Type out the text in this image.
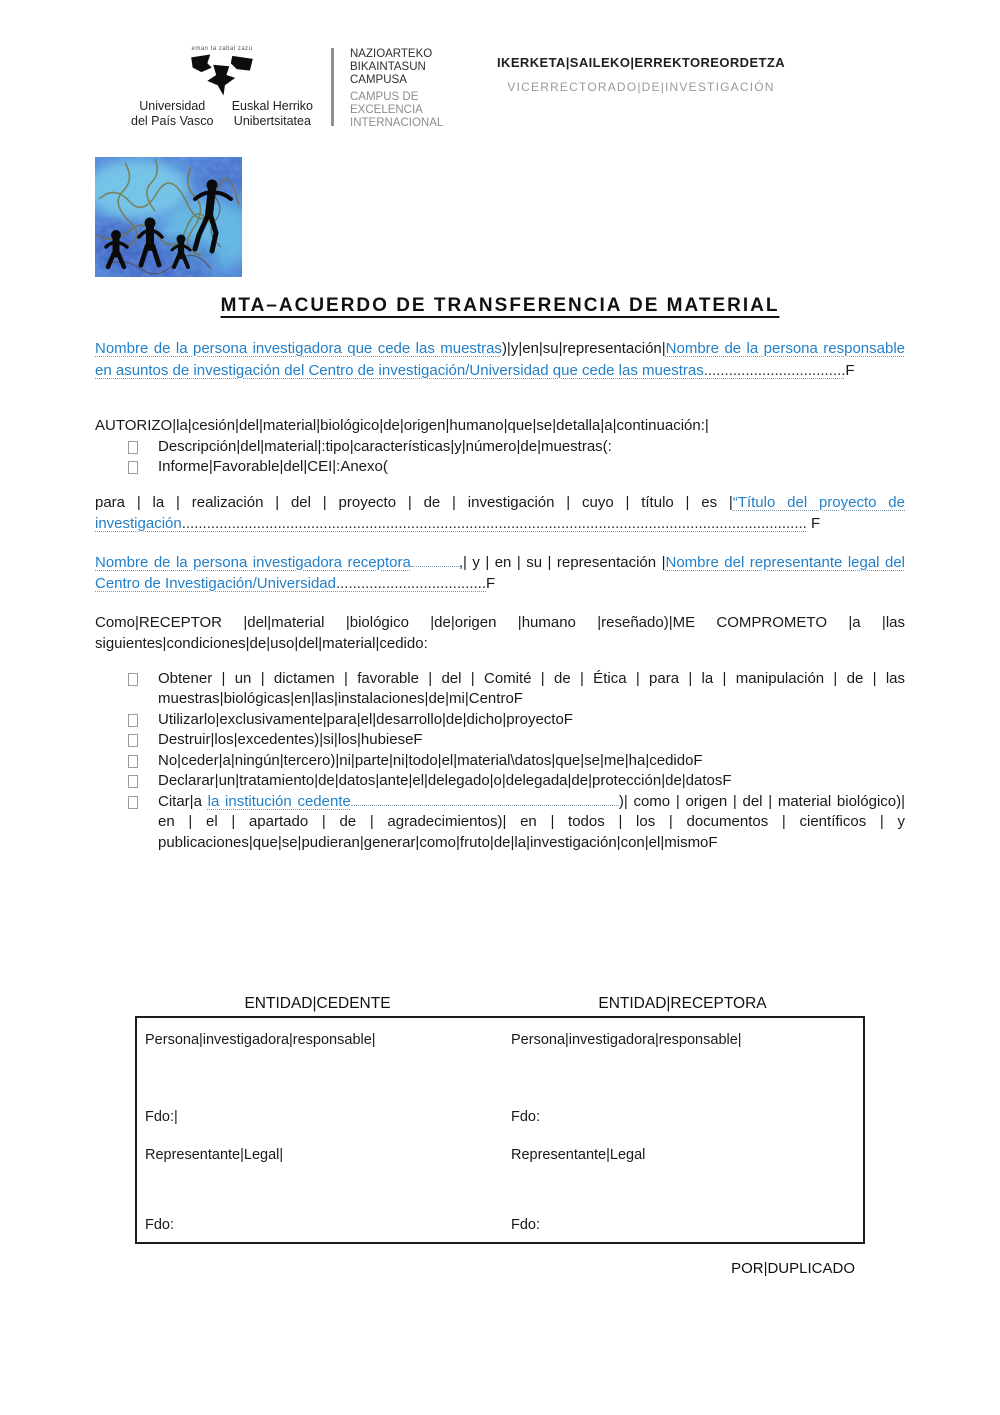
eman ta zabal zazu
Universidad
del País Vasco
Euskal Herriko
Unibertsitatea
NAZIOARTEKO
BIKAINTASUN
CAMPUSA
CAMPUS DE
EXCELENCIA
INTERNACIONAL
IKERKETA|SAILEKO|ERREKTOREORDETZA
VICERRECTORADO|DE|INVESTIGACIÓN
MTA–ACUERDO DE TRANSFERENCIA DE MATERIAL
Nombre de la persona investigadora que cede las muestras)|y|en|su|representación|Nombre de la persona responsable en asuntos de investigación del Centro de investigación/Universidad que cede las muestras..................................F
AUTORIZO|la|cesión|del|material|biológico|de|origen|humano|que|se|detalla|a|continuación:|
Descripción|del|material|:tipo|características|y|número|de|muestras(:
Informe|Favorable|del|CEI|:Anexo(
para | la | realización | del | proyecto | de | investigación | cuyo | título | es |“Título del proyecto de investigación...................................................................................................................................................... F
Nombre de la persona investigadora receptora	,| y | en | su | representación |Nombre del representante legal del Centro de Investigación/Universidad....................................F
Como|RECEPTOR |del|material |biológico |de|origen |humano |reseñado)|ME COMPROMETO |a |las siguientes|condiciones|de|uso|del|material|cedido:
Obtener | un | dictamen | favorable | del | Comité | de | Ética | para | la | manipulación | de | las muestras|biológicas|en|las|instalaciones|de|mi|CentroF
Utilizarlo|exclusivamente|para|el|desarrollo|de|dicho|proyectoF
Destruir|los|excedentes)|si|los|hubieseF
No|ceder|a|ningún|tercero)|ni|parte|ni|todo|el|material\datos|que|se|me|ha|cedidoF
Declarar|un|tratamiento|de|datos|ante|el|delegado|o|delegada|de|protección|de|datosF
Citar|a la institución cedente	)| como | origen | del | material biológico)| en | el | apartado | de | agradecimientos)| en | todos | los | documentos | científicos | y publicaciones|que|se|pudieran|generar|como|fruto|de|la|investigación|con|el|mismoF
ENTIDAD|CEDENTE	ENTIDAD|RECEPTORA
Persona|investigadora|responsable|	Persona|investigadora|responsable|
Fdo:|	Fdo:
Representante|Legal|	Representante|Legal
Fdo:	Fdo:
POR|DUPLICADO
